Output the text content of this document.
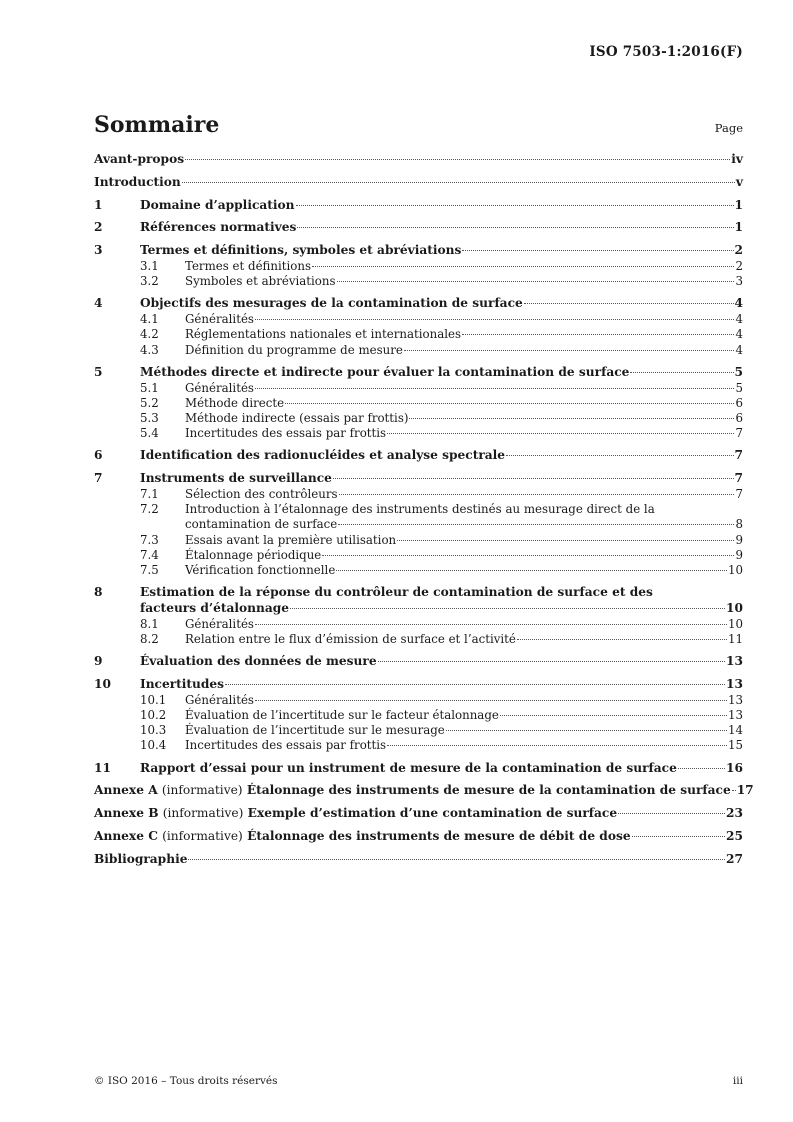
ISO 7503-1:2016(F)
Sommaire	Page
Avant-propos	iv
Introduction	v
1	Domaine d’application	1
2	Références normatives	1
3	Termes et définitions, symboles et abréviations	2
3.1	Termes et définitions	2
3.2	Symboles et abréviations	3
4	Objectifs des mesurages de la contamination de surface	4
4.1	Généralités	4
4.2	Réglementations nationales et internationales	4
4.3	Définition du programme de mesure	4
5	Méthodes directe et indirecte pour évaluer la contamination de surface	5
5.1	Généralités	5
5.2	Méthode directe	6
5.3	Méthode indirecte (essais par frottis)	6
5.4	Incertitudes des essais par frottis	7
6	Identification des radionucléides et analyse spectrale	7
7	Instruments de surveillance	7
7.1	Sélection des contrôleurs	7
7.2	Introduction à l’étalonnage des instruments destinés au mesurage direct de la
contamination de surface	8
7.3	Essais avant la première utilisation	9
7.4	Étalonnage périodique	9
7.5	Vérification fonctionnelle	10
8	Estimation de la réponse du contrôleur de contamination de surface et des
facteurs d’étalonnage	10
8.1	Généralités	10
8.2	Relation entre le flux d’émission de surface et l’activité	11
9	Évaluation des données de mesure	13
10	Incertitudes	13
10.1	Généralités	13
10.2	Évaluation de l’incertitude sur le facteur étalonnage	13
10.3	Évaluation de l’incertitude sur le mesurage	14
10.4	Incertitudes des essais par frottis	15
11	Rapport d’essai pour un instrument de mesure de la contamination de surface	16
Annexe A (informative) Étalonnage des instruments de mesure de la contamination de surface 17
Annexe B (informative) Exemple d’estimation d’une contamination de surface	23
Annexe C (informative) Étalonnage des instruments de mesure de débit de dose	25
Bibliographie	27
© ISO 2016 – Tous droits réservés	iii
